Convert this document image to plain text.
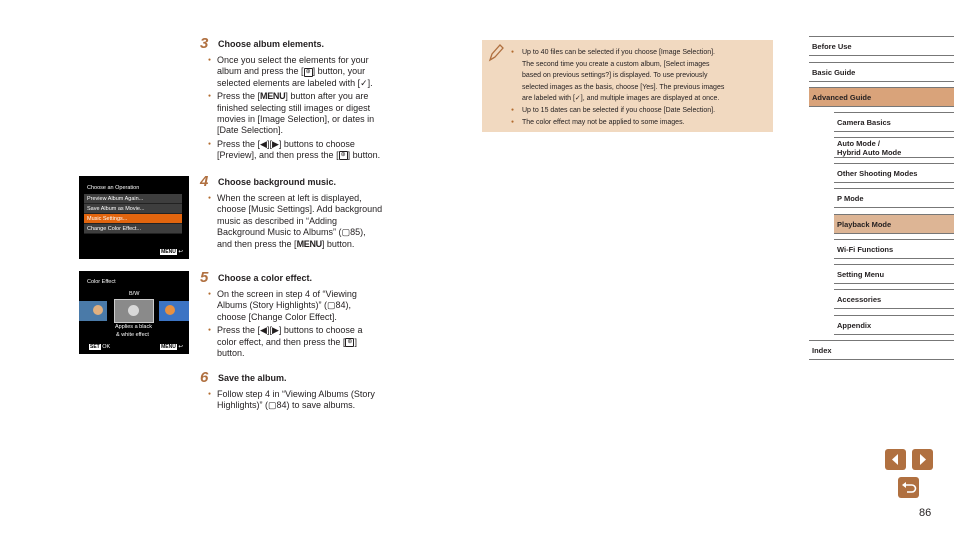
3	Choose album elements.
● Once you select the elements for your
album and press the [ ⊛ ] button, your
selected elements are labeled with [✓].
● Press the [MENU] button after you are
finished selecting still images or digest
movies in [Image Selection], or dates in
[Date Selection].
● Press the [◀][▶] buttons to choose
[Preview], and then press the [ ⊛ ] button.
4	Choose background music.
● When the screen at left is displayed,
choose [Music Settings]. Add background
music as described in “Adding
Background Music to Albums” (▢85),
and then press the [MENU] button.
5	Choose a color effect.
● On the screen in step 4 of “Viewing
Albums (Story Highlights)” (▢84),
choose [Change Color Effect].
● Press the [◀][▶] buttons to choose a
color effect, and then press the [ ⊛ ]
button.
6	Save the album.
● Follow step 4 in “Viewing Albums (Story
Highlights)” (▢84) to save albums.
Choose an Operation
Preview Album Again...
Save Album as Movie...
Music Settings...
Change Color Effect...
MENU ↩
Color Effect
B/W
Applies a black
& white effect
SET OK	MENU ↩
● Up to 40 files can be selected if you choose [Image Selection].
The second time you create a custom album, [Select images
based on previous settings?] is displayed. To use previously
selected images as the basis, choose [Yes]. The previous images
are labeled with [✓], and multiple images are displayed at once.
● Up to 15 dates can be selected if you choose [Date Selection].
● The color effect may not be applied to some images.
Before Use
Basic Guide
Advanced Guide
Camera Basics
Auto Mode /
Hybrid Auto Mode
Other Shooting Modes
P Mode
Playback Mode
Wi-Fi Functions
Setting Menu
Accessories
Appendix
Index
86
